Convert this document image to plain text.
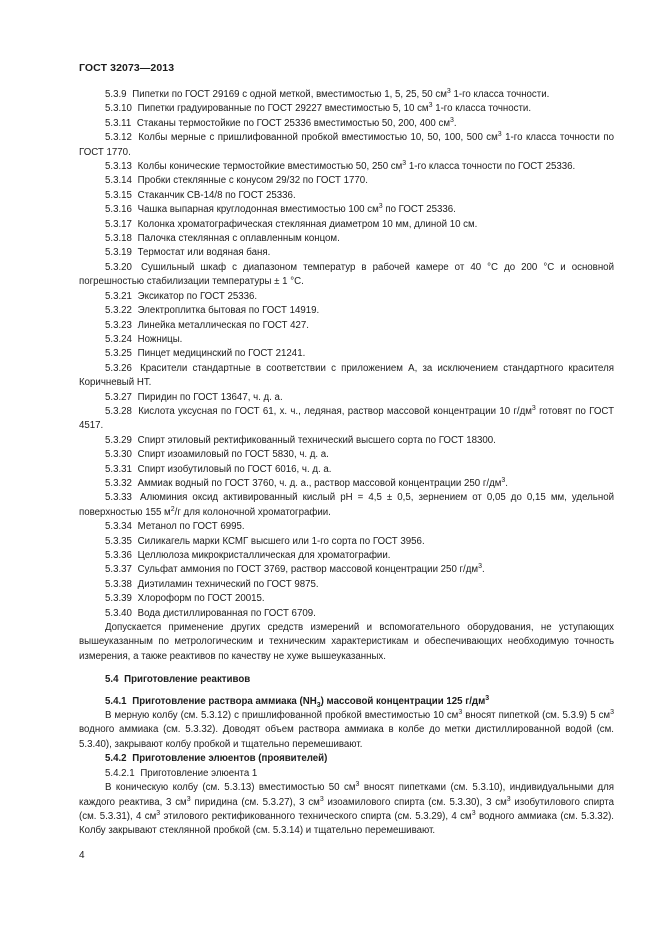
ГОСТ 32073—2013

5.3.9 Пипетки по ГОСТ 29169 с одной меткой, вместимостью 1, 5, 25, 50 $см^3$ 1-го класса точности.

5.3.10 Пипетки градуированные по ГОСТ 29227 вместимостью 5, 10 $см^3$ 1-го класса точности.

5.3.11 Стаканы термостойкие по ГОСТ 25336 вместимостью 50, 200, 400 $см^3$.

5.3.12 Колбы мерные с пришлифованной пробкой вместимостью 10, 50, 100, 500 $см^3$ 1-го класса точности по ГОСТ 1770.

5.3.13 Колбы конические термостойкие вместимостью 50, 250 $см^3$ 1-го класса точности по ГОСТ 25336.

5.3.14 Пробки стеклянные с конусом 29/32 по ГОСТ 1770.

5.3.15 Стаканчик СВ-14/8 по ГОСТ 25336.

5.3.16 Чашка выпарная круглодонная вместимостью 100 $см^3$ по ГОСТ 25336.

5.3.17 Колонка хроматографическая стеклянная диаметром 10 мм, длиной 10 см.

5.3.18 Палочка стеклянная с оплавленным концом.

5.3.19 Термостат или водяная баня.

5.3.20 Сушильный шкаф с диапазоном температур в рабочей камере от 40 °С до 200 °С и основной погрешностью стабилизации температуры ± 1 °С.

5.3.21 Эксикатор по ГОСТ 25336.

5.3.22 Электроплитка бытовая по ГОСТ 14919.

5.3.23 Линейка металлическая по ГОСТ 427.

5.3.24 Ножницы.

5.3.25 Пинцет медицинский по ГОСТ 21241.

5.3.26 Красители стандартные в соответствии с приложением А, за исключением стандартного красителя Коричневый НТ.

5.3.27 Пиридин по ГОСТ 13647, ч. д. а.

5.3.28 Кислота уксусная по ГОСТ 61, х. ч., ледяная, раствор массовой концентрации 10 $г/дм^3$ готовят по ГОСТ 4517.

5.3.29 Спирт этиловый ректификованный технический высшего сорта по ГОСТ 18300.

5.3.30 Спирт изоамиловый по ГОСТ 5830, ч. д. а.

5.3.31 Спирт изобутиловый по ГОСТ 6016, ч. д. а.

5.3.32 Аммиак водный по ГОСТ 3760, ч. д. а., раствор массовой концентрации 250 $г/дм^3$.

5.3.33 Алюминия оксид активированный кислый рН = 4,5 ± 0,5, зернением от 0,05 до 0,15 мм, удельной поверхностью 155 $м^2/г$ для колоночной хроматографии.

5.3.34 Метанол по ГОСТ 6995.

5.3.35 Силикагель марки КСМГ высшего или 1-го сорта по ГОСТ 3956.

5.3.36 Целлюлоза микрокристаллическая для хроматографии.

5.3.37 Сульфат аммония по ГОСТ 3769, раствор массовой концентрации 250 $г/дм^3$.

5.3.38 Диэтиламин технический по ГОСТ 9875.

5.3.39 Хлороформ по ГОСТ 20015.

5.3.40 Вода дистиллированная по ГОСТ 6709.

Допускается применение других средств измерений и вспомогательного оборудования, не уступающих вышеуказанным по метрологическим и техническим характеристикам и обеспечивающих необходимую точность измерения, а также реактивов по качеству не хуже вышеуказанных.

5.4 Приготовление реактивов

5.4.1 Приготовление раствора аммиака $(NH_3)$ массовой концентрации 125 $г/дм^3$

В мерную колбу (см. 5.3.12) с пришлифованной пробкой вместимостью 10 $см^3$ вносят пипеткой (см. 5.3.9) 5 $см^3$ водного аммиака (см. 5.3.32). Доводят объем раствора аммиака в колбе до метки дистиллированной водой (см. 5.3.40), закрывают колбу пробкой и тщательно перемешивают.

5.4.2 Приготовление элюентов (проявителей)

5.4.2.1 Приготовление элюента 1

В коническую колбу (см. 5.3.13) вместимостью 50 $см^3$ вносят пипетками (см. 5.3.10), индивидуальными для каждого реактива, 3 $см^3$ пиридина (см. 5.3.27), 3 $см^3$ изоамилового спирта (см. 5.3.30), 3 $см^3$ изобутилового спирта (см. 5.3.31), 4 $см^3$ этилового ректификованного технического спирта (см. 5.3.29), 4 $см^3$ водного аммиака (см. 5.3.32). Колбу закрывают стеклянной пробкой (см. 5.3.14) и тщательно перемешивают.

4
